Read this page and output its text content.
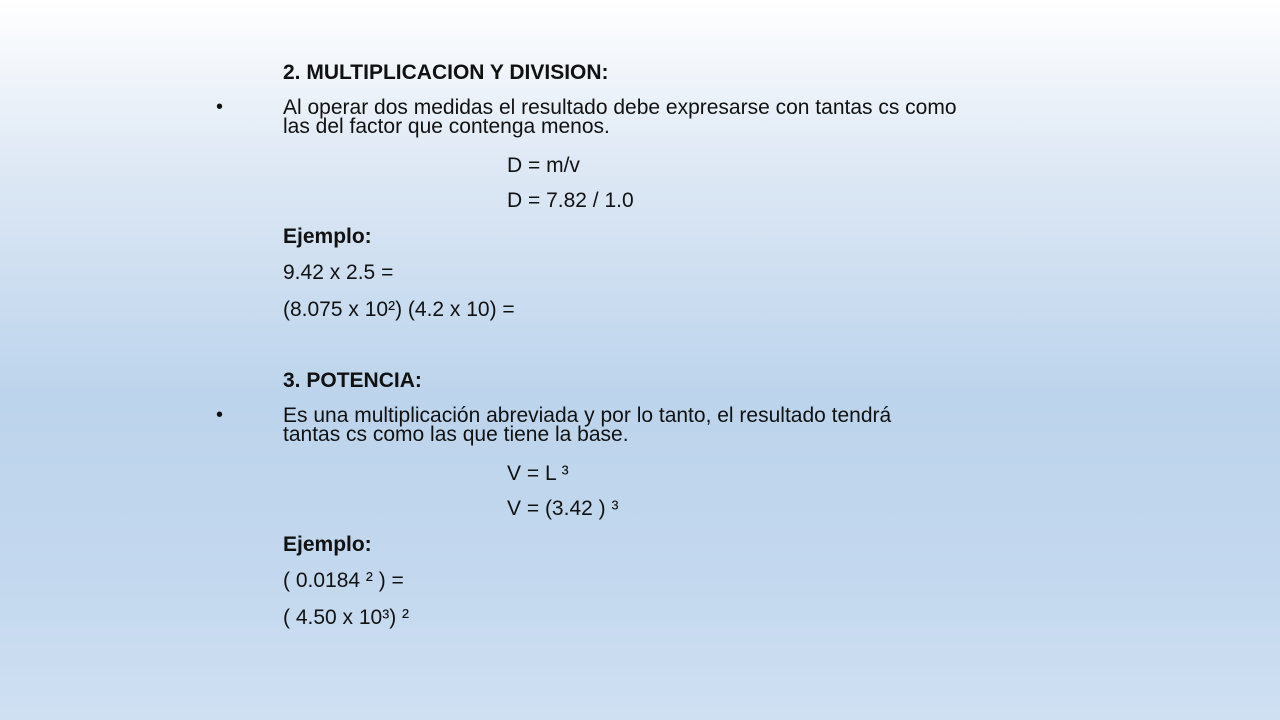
2. MULTIPLICACION Y DIVISION:
•	Al operar dos medidas el resultado debe expresarse con tantas cs como
las del factor que contenga menos.
D = m/v
D = 7.82 / 1.0
Ejemplo:
9.42 x 2.5 =
(8.075 x 10²) (4.2 x 10) =
3. POTENCIA:
•	Es una multiplicación abreviada y por lo tanto, el resultado tendrá
tantas cs como las que tiene la base.
V = L ³
V = (3.42 ) ³
Ejemplo:
( 0.0184 ² ) =
( 4.50 x 10³) ²
